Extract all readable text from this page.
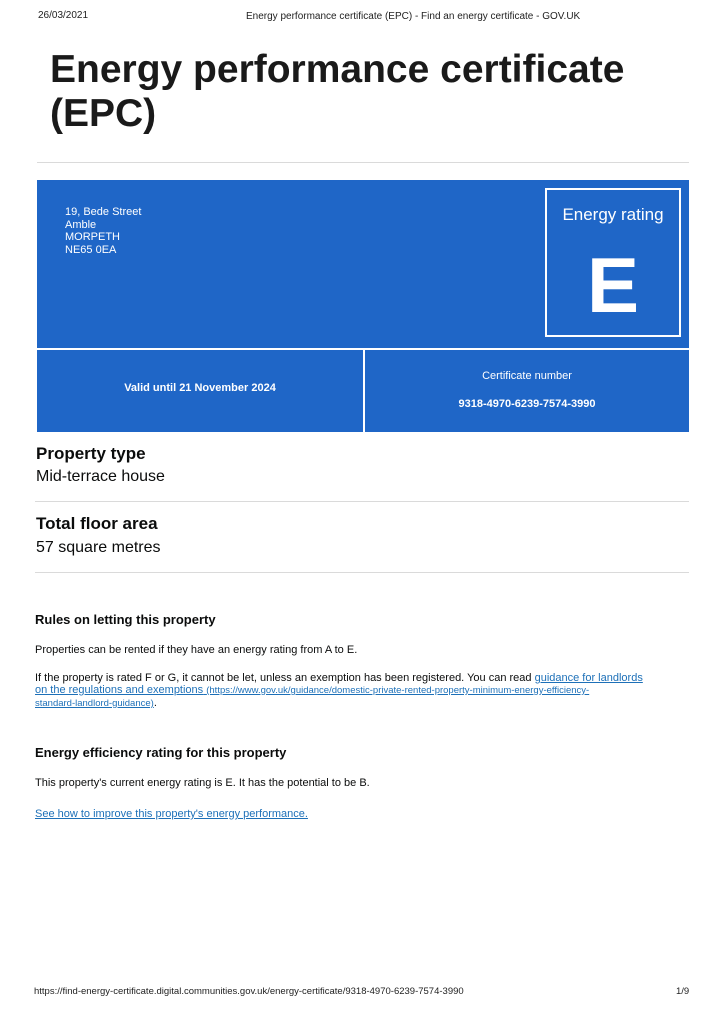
26/03/2021	Energy performance certificate (EPC) - Find an energy certificate - GOV.UK
Energy performance certificate (EPC)
19, Bede Street
Amble
MORPETH
NE65 0EA
Energy rating
E
Valid until 21 November 2024
Certificate number
9318-4970-6239-7574-3990
Property type
Mid-terrace house
Total floor area
57 square metres
Rules on letting this property
Properties can be rented if they have an energy rating from A to E.
If the property is rated F or G, it cannot be let, unless an exemption has been registered. You can read guidance for landlords
on the regulations and exemptions (https://www.gov.uk/guidance/domestic-private-rented-property-minimum-energy-efficiency-
standard-landlord-guidance).
Energy efficiency rating for this property
This property's current energy rating is E. It has the potential to be B.
See how to improve this property's energy performance.
https://find-energy-certificate.digital.communities.gov.uk/energy-certificate/9318-4970-6239-7574-3990	1/9
